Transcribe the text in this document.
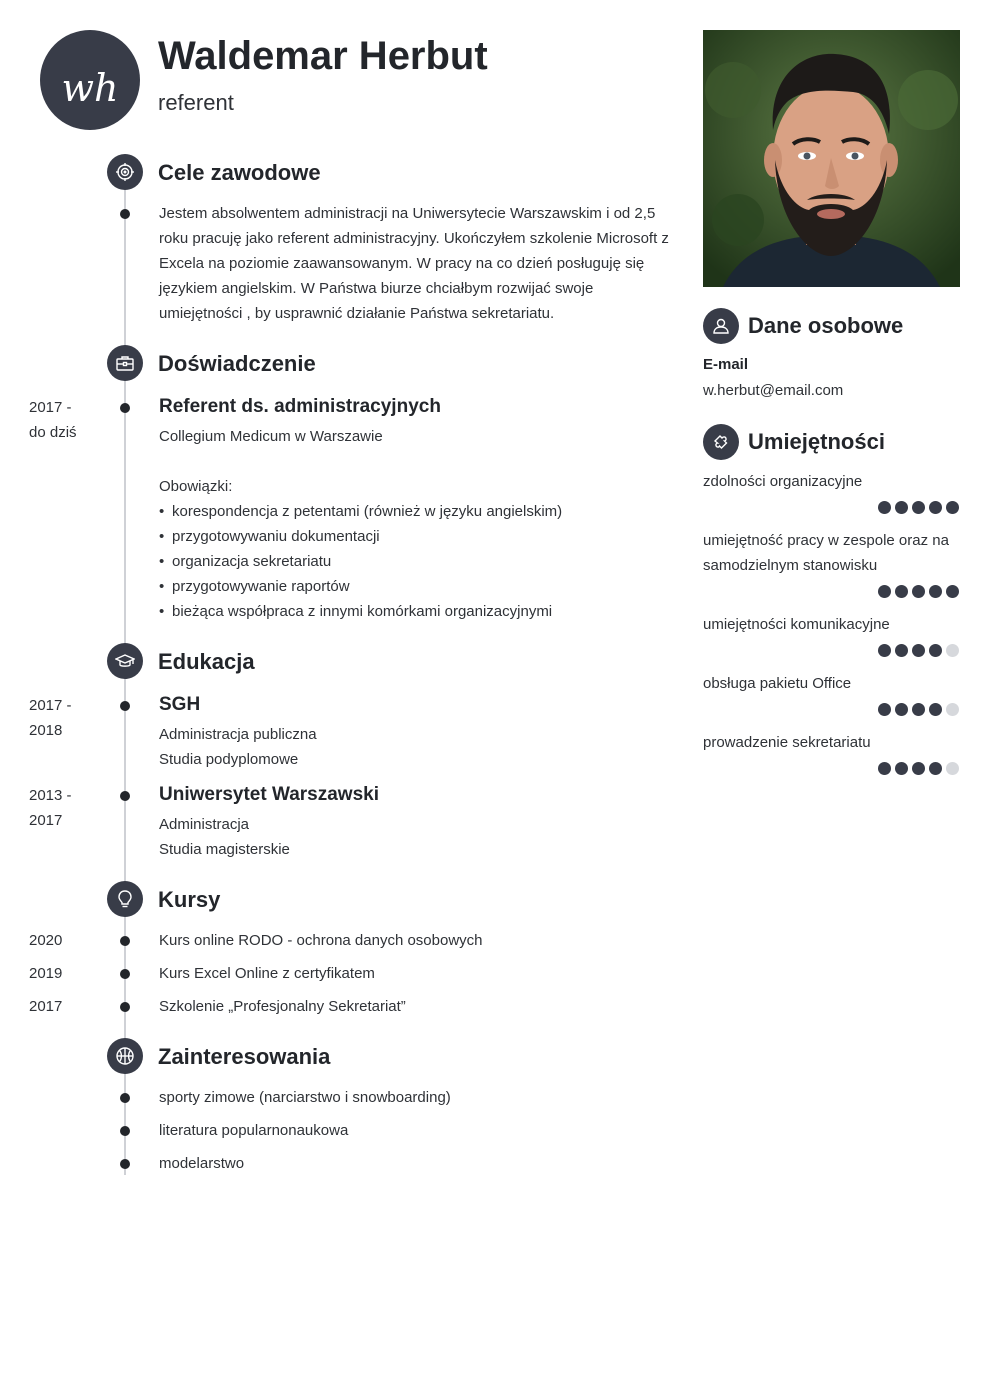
wh
Waldemar Herbut
referent
Cele zawodowe
Jestem absolwentem administracji na Uniwersytecie Warszawskim i od 2,5 roku pracuję jako referent administracyjny. Ukończyłem szkolenie Microsoft z Excela na poziomie zaawansowanym. W pracy na co dzień posługuję się językiem angielskim. W Państwa biurze chciałbym rozwijać swoje umiejętności , by usprawnić działanie Państwa sekretariatu.
Doświadczenie
2017 -
do dziś
Referent ds. administracyjnych
Collegium Medicum w Warszawie
Obowiązki:
• korespondencja z petentami (również w języku angielskim)
• przygotowywaniu dokumentacji
• organizacja sekretariatu
• przygotowywanie raportów
• bieżąca współpraca z innymi komórkami organizacyjnymi
Edukacja
2017 -
2018
SGH
Administracja publiczna
Studia podyplomowe
2013 -
2017
Uniwersytet Warszawski
Administracja
Studia magisterskie
Kursy
2020	Kurs online RODO - ochrona danych osobowych
2019	Kurs Excel Online z certyfikatem
2017	Szkolenie „Profesjonalny Sekretariat”
Zainteresowania
sporty zimowe (narciarstwo i snowboarding)
literatura popularnonaukowa
modelarstwo
Dane osobowe
E-mail
w.herbut@email.com
Umiejętności
zdolności organizacyjne
umiejętność pracy w zespole oraz na samodzielnym stanowisku
umiejętności komunikacyjne
obsługa pakietu Office
prowadzenie sekretariatu
